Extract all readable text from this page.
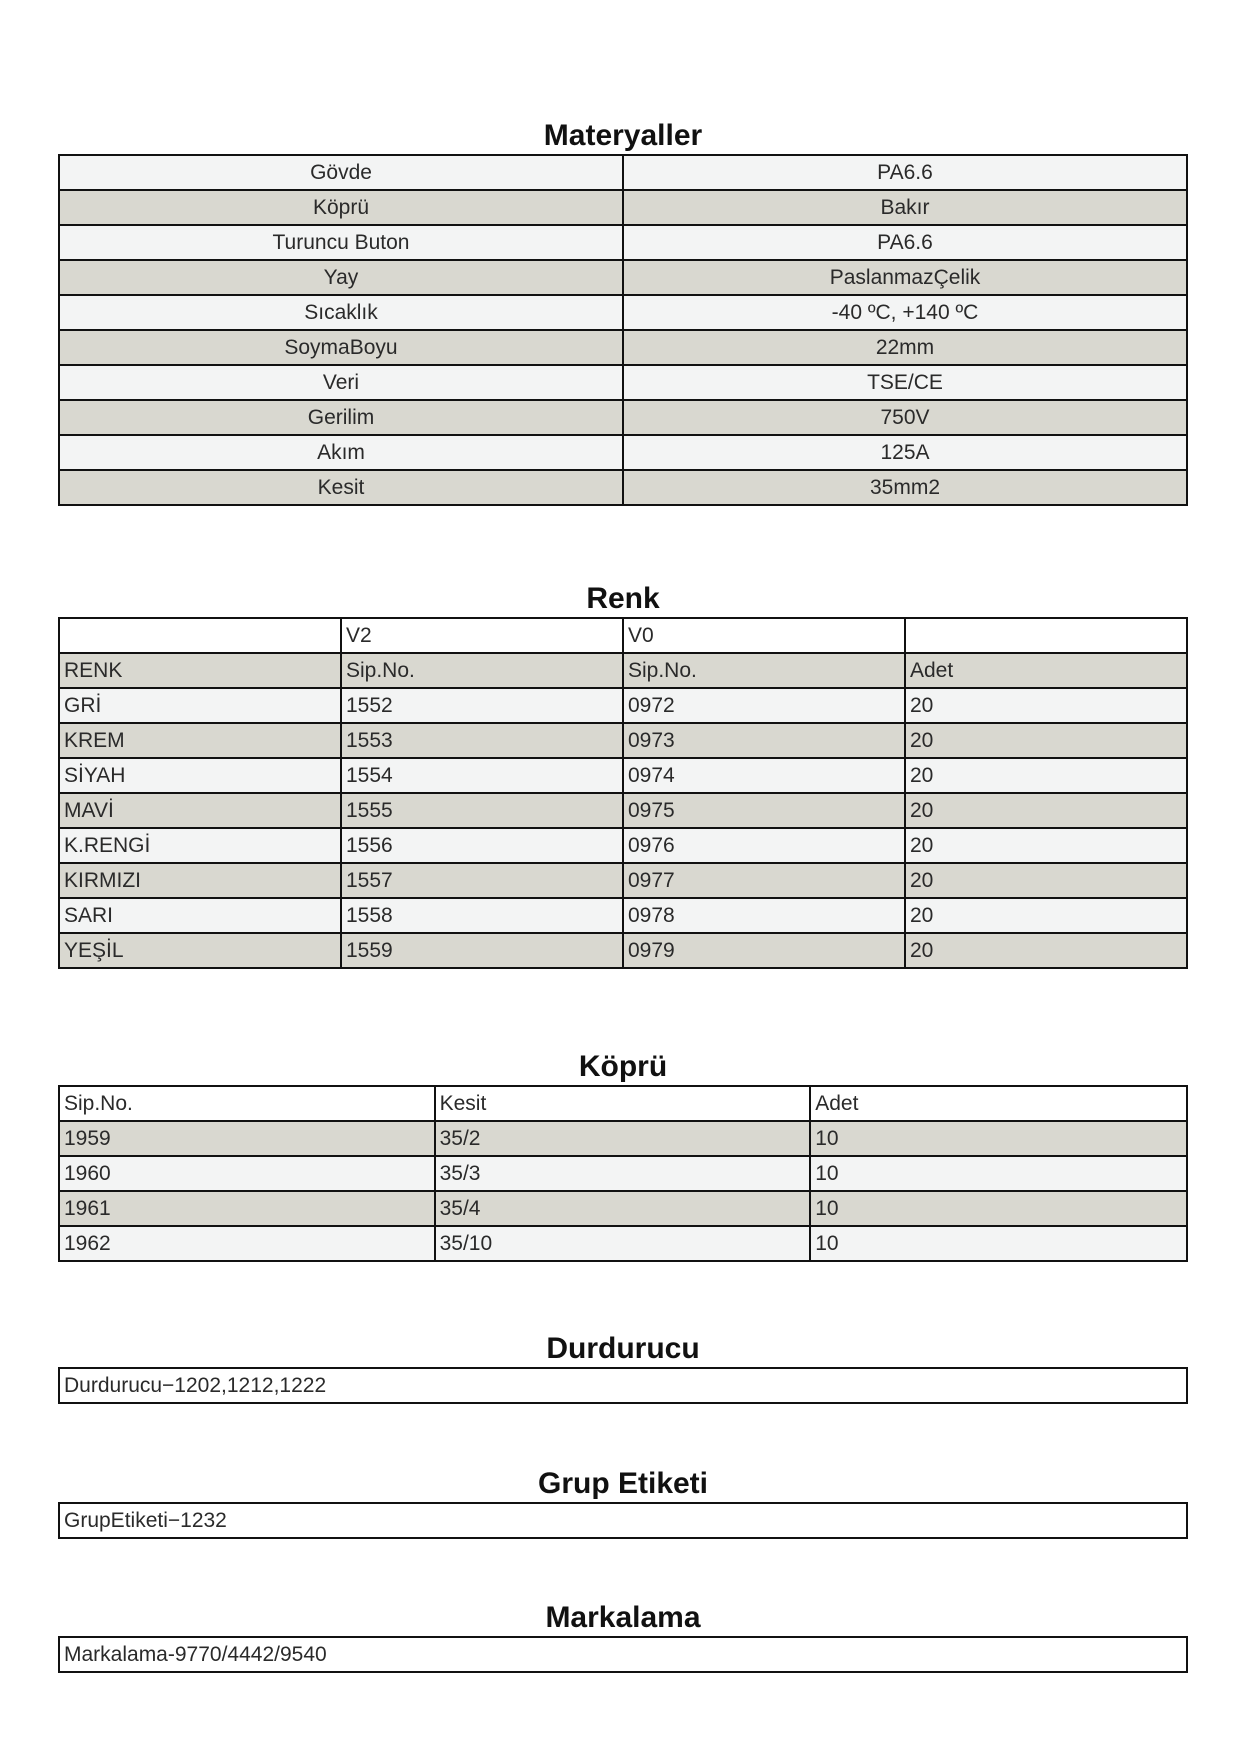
Materyaller
Gövde	PA6.6
Köprü	Bakır
Turuncu Buton	PA6.6
Yay	PaslanmazÇelik
Sıcaklık	-40 ºC, +140 ºC
SoymaBoyu	22mm
Veri	TSE/CE
Gerilim	750V
Akım	125A
Kesit	35mm2
Renk
	V2	V0	
RENK	Sip.No.	Sip.No.	Adet
GRİ	1552	0972	20
KREM	1553	0973	20
SİYAH	1554	0974	20
MAVİ	1555	0975	20
K.RENGİ	1556	0976	20
KIRMIZI	1557	0977	20
SARI	1558	0978	20
YEŞİL	1559	0979	20
Köprü
Sip.No.	Kesit	Adet
1959	35/2	10
1960	35/3	10
1961	35/4	10
1962	35/10	10
Durdurucu
Durdurucu−1202,1212,1222
Grup Etiketi
GrupEtiketi−1232
Markalama
Markalama-9770/4442/9540
